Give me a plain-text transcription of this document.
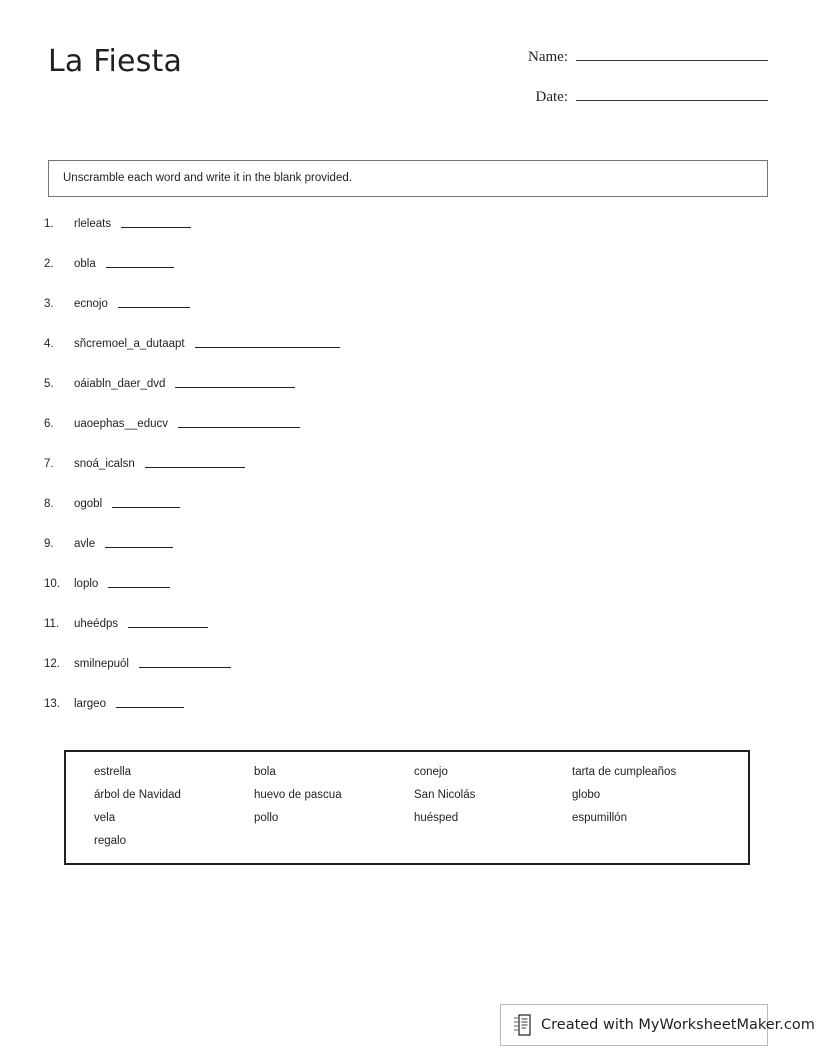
La Fiesta	Name:
Date:
Unscramble each word and write it in the blank provided.
1.	rleleats
2.	obla
3.	ecnojo
4.	sñcremoel_a_dutaapt
5.	oáiabln_daer_dvd
6.	uaoephas__educv
7.	snoá_icalsn
8.	ogobl
9.	avle
10.	loplo
11.	uheédps
12.	smilnepuól
13.	largeo
estrella	bola	conejo	tarta de cumpleaños
árbol de Navidad	huevo de pascua	San Nicolás	globo
vela	pollo	huésped	espumillón
regalo
Created with MyWorksheetMaker.com
